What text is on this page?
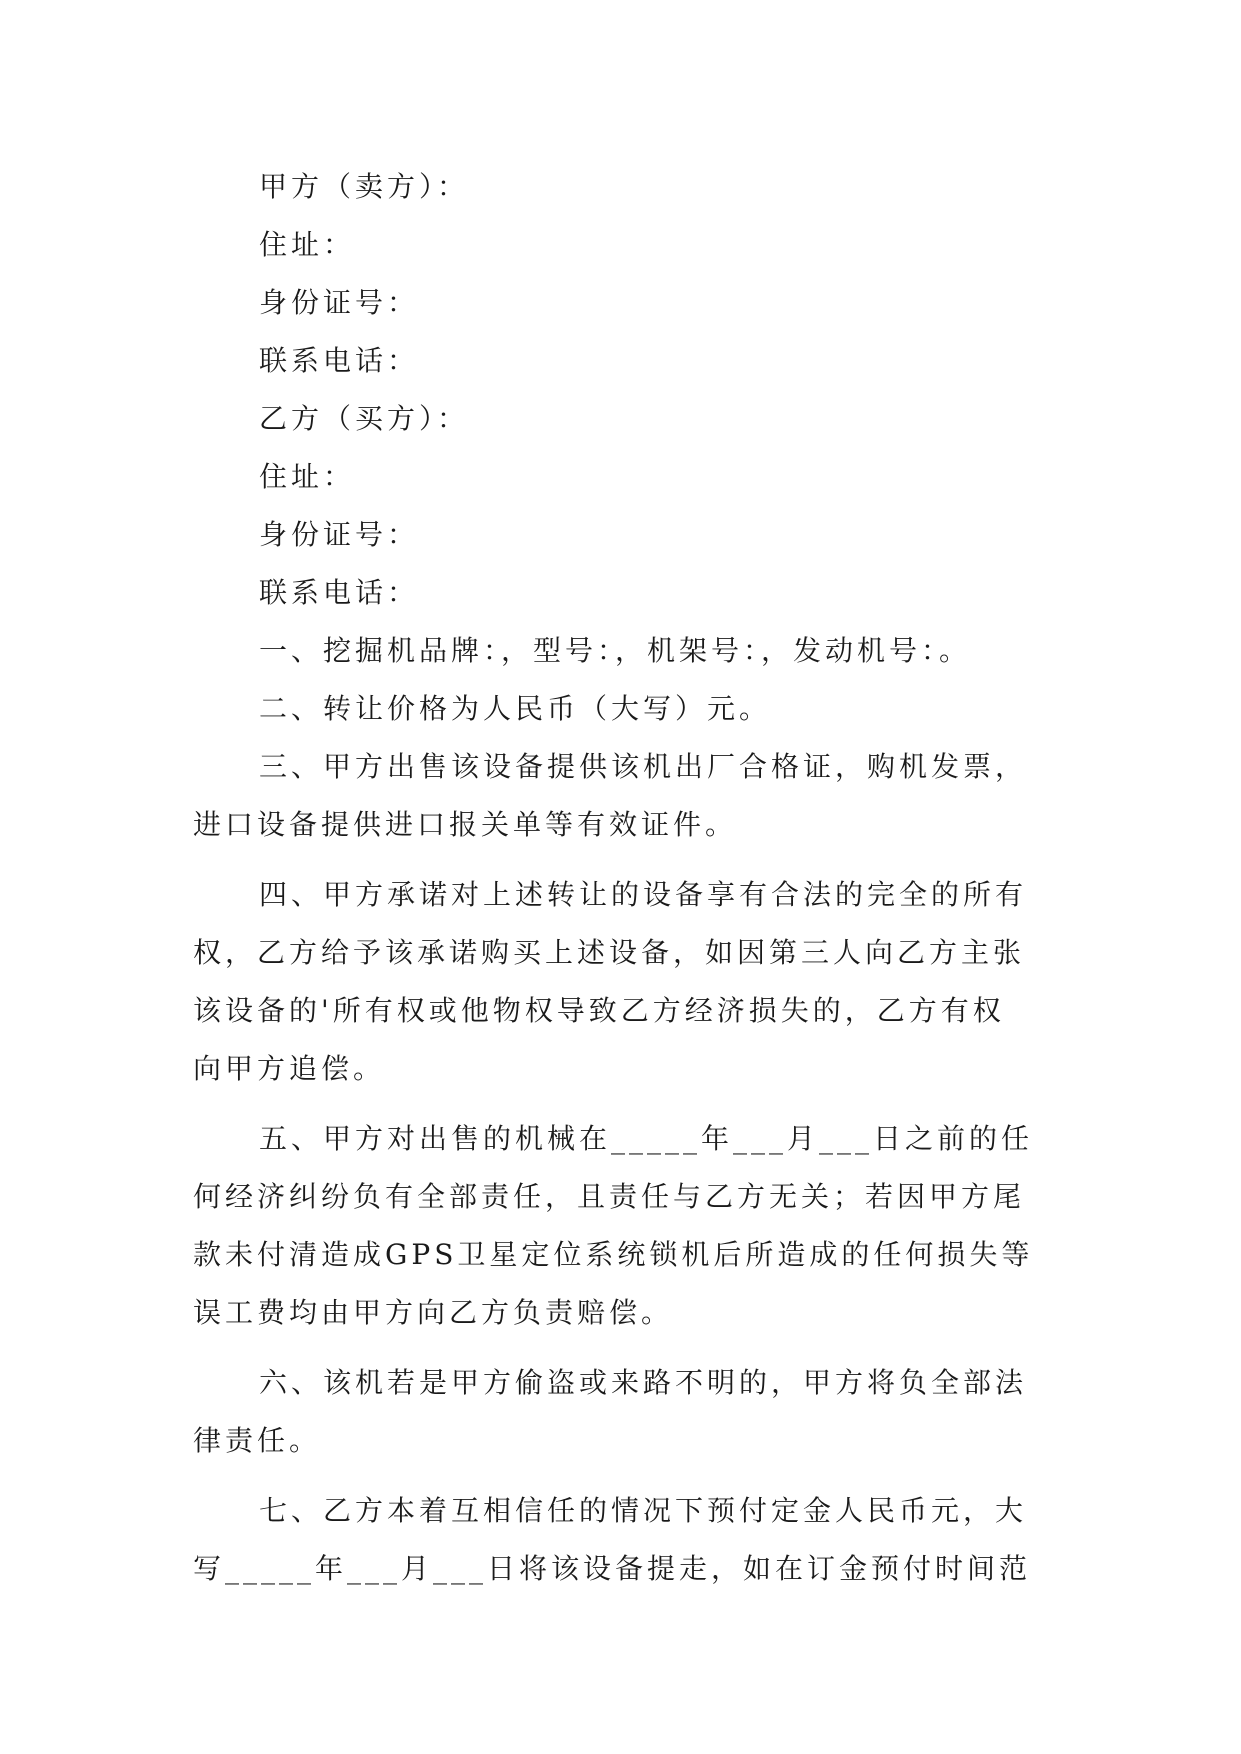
甲方（卖方）：
住址：
身份证号：
联系电话：
乙方（买方）：
住址：
身份证号：
联系电话：
一、挖掘机品牌：，型号：，机架号：，发动机号：。
二、转让价格为人民币（大写）元。
三、甲方出售该设备提供该机出厂合格证，购机发票，
进口设备提供进口报关单等有效证件。
四、甲方承诺对上述转让的设备享有合法的完全的所有
权，乙方给予该承诺购买上述设备，如因第三人向乙方主张
该设备的'所有权或他物权导致乙方经济损失的，乙方有权
向甲方追偿。
五、甲方对出售的机械在_____年___月___日之前的任
何经济纠纷负有全部责任，且责任与乙方无关；若因甲方尾
款未付清造成GPS卫星定位系统锁机后所造成的任何损失等
误工费均由甲方向乙方负责赔偿。
六、该机若是甲方偷盗或来路不明的，甲方将负全部法
律责任。
七、乙方本着互相信任的情况下预付定金人民币元，大
写_____年___月___日将该设备提走，如在订金预付时间范
